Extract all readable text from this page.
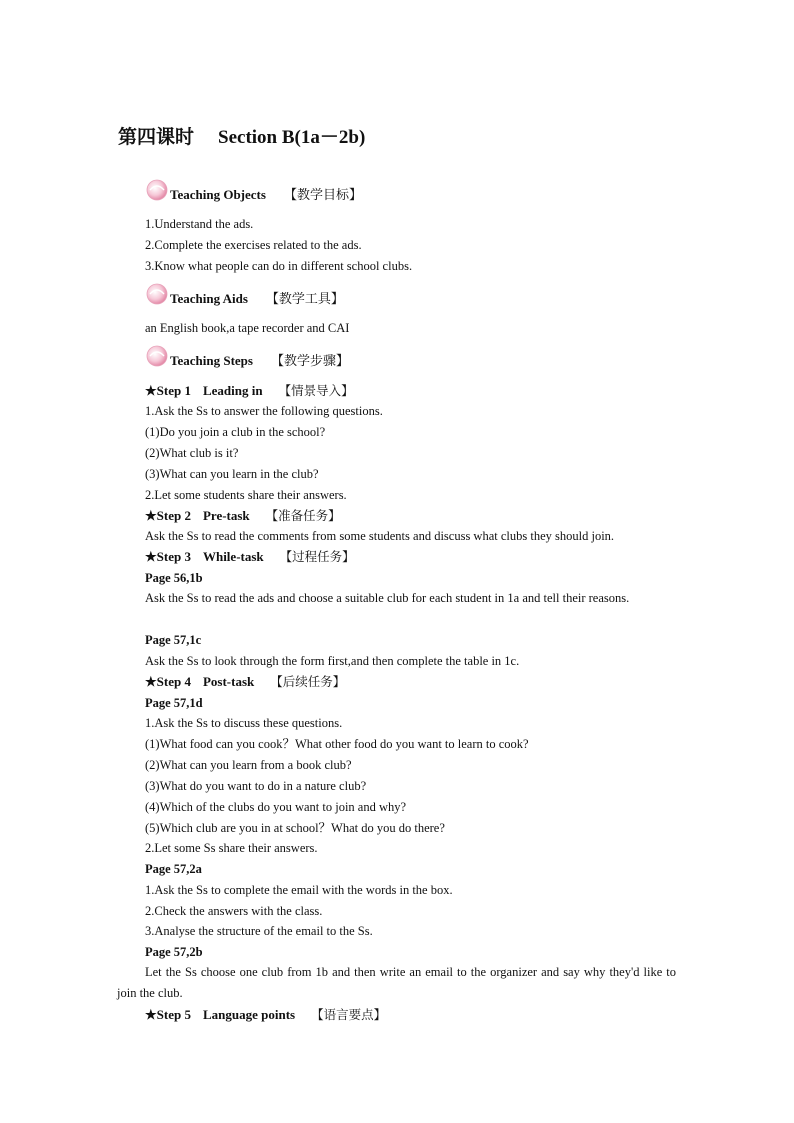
第四课时 Section B(1a－2b)
Teaching Objects 【教学目标】
1.Understand the ads.
2.Complete the exercises related to the ads.
3.Know what people can do in different school clubs.
Teaching Aids 【教学工具】
an English book,a tape recorder and CAI
Teaching Steps 【教学步骤】
★Step 1 Leading in 【情景导入】
1.Ask the Ss to answer the following questions.
(1)Do you join a club in the school?
(2)What club is it?
(3)What can you learn in the club?
2.Let some students share their answers.
★Step 2 Pre-task 【准备任务】
Ask the Ss to read the comments from some students and discuss what clubs they should join.
★Step 3 While-task 【过程任务】
Page 56,1b
Ask the Ss to read the ads and choose a suitable club for each student in 1a and tell their reasons.
Page 57,1c
Ask the Ss to look through the form first,and then complete the table in 1c.
★Step 4 Post-task 【后续任务】
Page 57,1d
1.Ask the Ss to discuss these questions.
(1)What food can you cook？What other food do you want to learn to cook?
(2)What can you learn from a book club?
(3)What do you want to do in a nature club?
(4)Which of the clubs do you want to join and why?
(5)Which club are you in at school？What do you do there?
2.Let some Ss share their answers.
Page 57,2a
1.Ask the Ss to complete the email with the words in the box.
2.Check the answers with the class.
3.Analyse the structure of the email to the Ss.
Page 57,2b
Let the Ss choose one club from 1b and then write an email to the organizer and say why they'd like to join the club.
★Step 5 Language points 【语言要点】
